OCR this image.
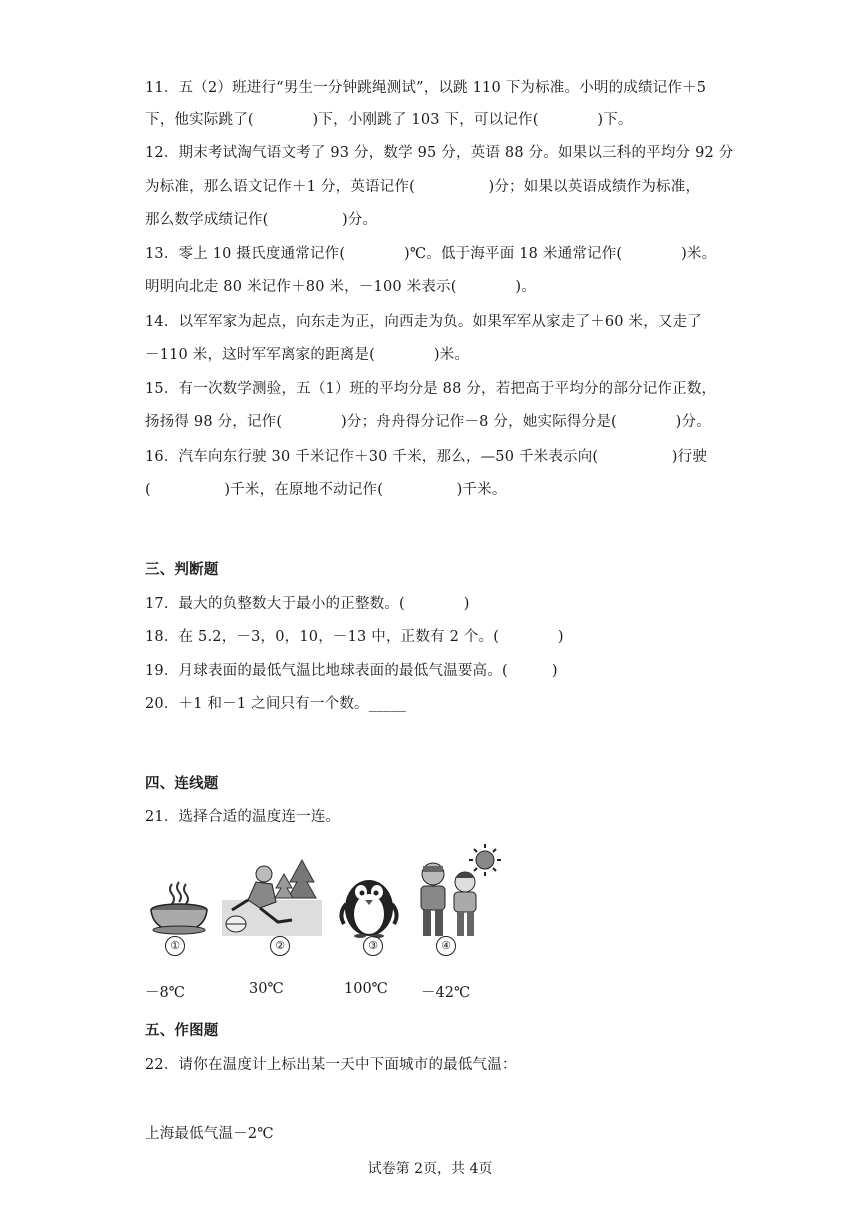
11．五（2）班进行“男生一分钟跳绳测试”，以跳 110 下为标准。小明的成绩记作＋5
下，他实际跳了(　　　　)下，小刚跳了 103 下，可以记作(　　　　)下。
12．期末考试淘气语文考了 93 分，数学 95 分，英语 88 分。如果以三科的平均分 92 分
为标准，那么语文记作＋1 分，英语记作(　　　　　)分；如果以英语成绩作为标准，
那么数学成绩记作(　　　　　)分。
13．零上 10 摄氏度通常记作(　　　　)℃。低于海平面 18 米通常记作(　　　　)米。
明明向北走 80 米记作＋80 米，－100 米表示(　　　　)。
14．以军军家为起点，向东走为正，向西走为负。如果军军从家走了＋60 米，又走了
－110 米，这时军军离家的距离是(　　　　)米。
15．有一次数学测验，五（1）班的平均分是 88 分，若把高于平均分的部分记作正数，
扬扬得 98 分，记作(　　　　)分；舟舟得分记作－8 分，她实际得分是(　　　　)分。
16．汽车向东行驶 30 千米记作＋30 千米，那么，—50 千米表示向(　　　　　)行驶
(　　　　　)千米，在原地不动记作(　　　　　)千米。
三、判断题
17．最大的负整数大于最小的正整数。(　　　　)
18．在 5.2，－3，0，10，－13 中，正数有 2 个。(　　　　)
19．月球表面的最低气温比地球表面的最低气温要高。(　　　)
20．＋1 和－1 之间只有一个数。_____
四、连线题
21．选择合适的温度连一连。
①	②	③	④
－8℃	30℃	100℃ －42℃
五、作图题
22．请你在温度计上标出某一天中下面城市的最低气温：
上海最低气温－2℃
试卷第 2页，共 4页
